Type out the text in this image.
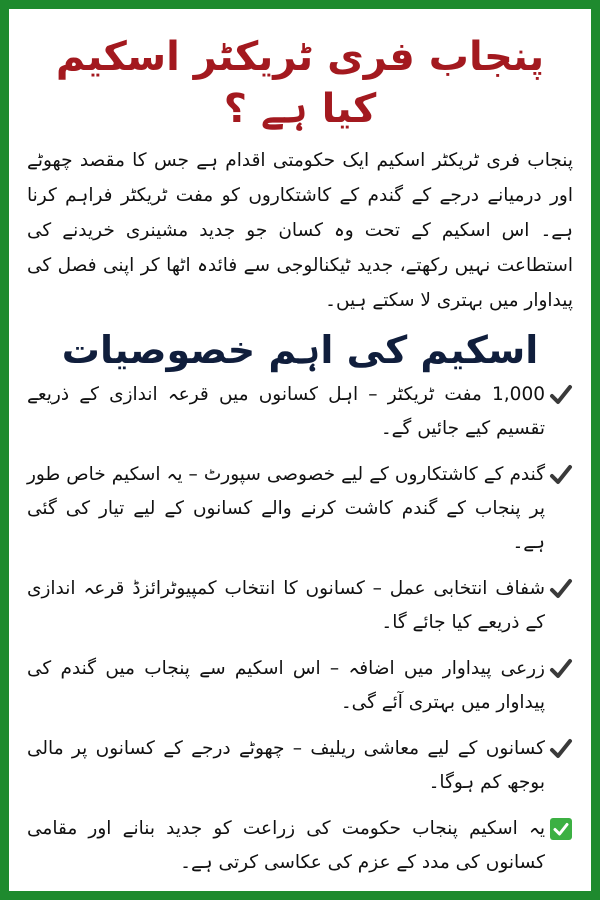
پنجاب فری ٹریکٹر اسکیم کیا ہے ؟

پنجاب فری ٹریکٹر اسکیم ایک حکومتی اقدام ہے جس کا مقصد چھوٹے اور درمیانے درجے کے گندم کے کاشتکاروں کو مفت ٹریکٹر فراہم کرنا ہے۔ اس اسکیم کے تحت وہ کسان جو جدید مشینری خریدنے کی استطاعت نہیں رکھتے، جدید ٹیکنالوجی سے فائدہ اٹھا کر اپنی فصل کی پیداوار میں بہتری لا سکتے ہیں۔

اسکیم کی اہم خصوصیات
1,000 مفت ٹریکٹر – اہل کسانوں میں قرعہ اندازی کے ذریعے تقسیم کیے جائیں گے۔
گندم کے کاشتکاروں کے لیے خصوصی سپورٹ – یہ اسکیم خاص طور پر پنجاب کے گندم کاشت کرنے والے کسانوں کے لیے تیار کی گئی ہے۔
شفاف انتخابی عمل – کسانوں کا انتخاب کمپیوٹرائزڈ قرعہ اندازی کے ذریعے کیا جائے گا۔
زرعی پیداوار میں اضافہ – اس اسکیم سے پنجاب میں گندم کی پیداوار میں بہتری آئے گی۔
کسانوں کے لیے معاشی ریلیف – چھوٹے درجے کے کسانوں پر مالی بوجھ کم ہوگا۔
یہ اسکیم پنجاب حکومت کی زراعت کو جدید بنانے اور مقامی کسانوں کی مدد کے عزم کی عکاسی کرتی ہے۔
